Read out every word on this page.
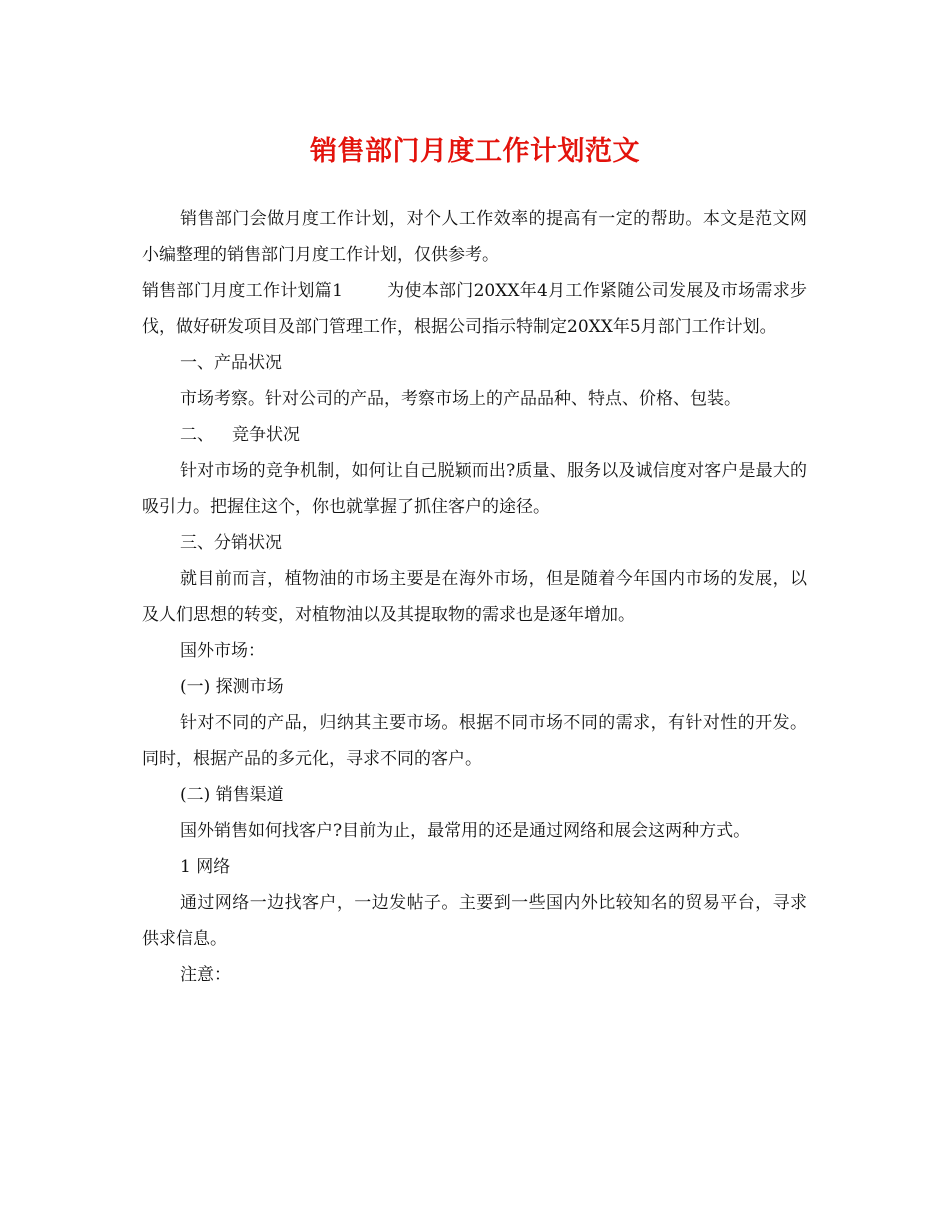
销售部门月度工作计划范文

销售部门会做月度工作计划，对个人工作效率的提高有一定的帮助。本文是范文网小编整理的销售部门月度工作计划，仅供参考。

销售部门月度工作计划篇1	为使本部门20XX年4月工作紧随公司发展及市场需求步伐，做好研发项目及部门管理工作，根据公司指示特制定20XX年5月部门工作计划。

一、产品状况

市场考察。针对公司的产品，考察市场上的产品品种、特点、价格、包装。

二、 竞争状况

针对市场的竞争机制，如何让自己脱颖而出?质量、服务以及诚信度对客户是最大的吸引力。把握住这个，你也就掌握了抓住客户的途径。

三、分销状况

就目前而言，植物油的市场主要是在海外市场，但是随着今年国内市场的发展，以及人们思想的转变，对植物油以及其提取物的需求也是逐年增加。

国外市场：

(一) 探测市场

针对不同的产品，归纳其主要市场。根据不同市场不同的需求，有针对性的开发。同时，根据产品的多元化，寻求不同的客户。

(二) 销售渠道

国外销售如何找客户?目前为止，最常用的还是通过网络和展会这两种方式。

1 网络

通过网络一边找客户，一边发帖子。主要到一些国内外比较知名的贸易平台，寻求供求信息。

注意：
